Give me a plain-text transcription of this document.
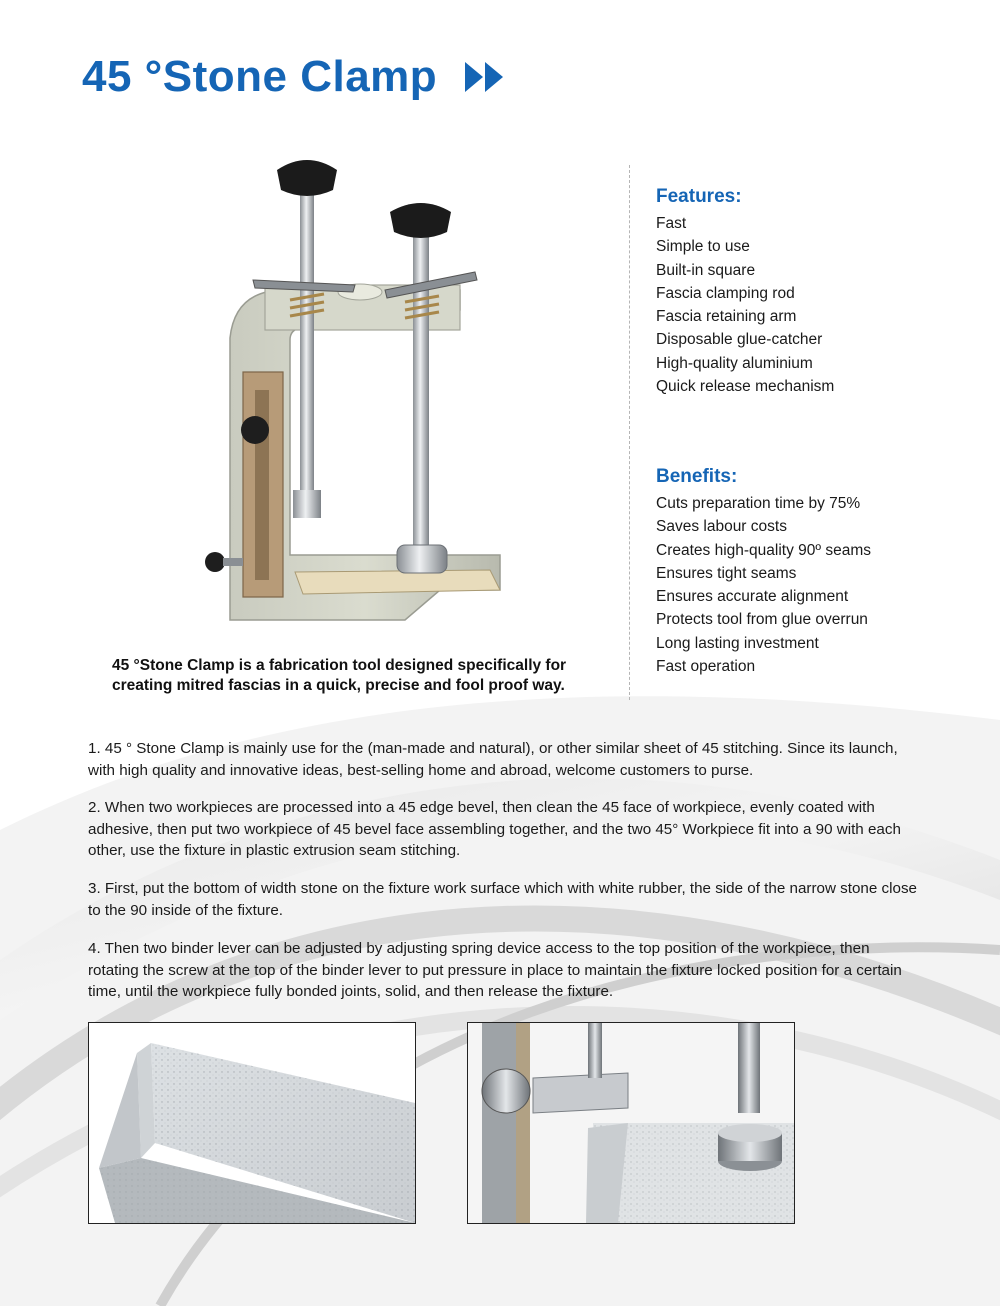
45 °Stone Clamp
45 °Stone Clamp is a fabrication tool designed specifically for
creating mitred fascias in a quick, precise and fool proof way.
Features:
Fast
Simple to use
Built-in square
Fascia clamping rod
Fascia retaining arm
Disposable glue-catcher
High-quality aluminium
Quick release mechanism
Benefits:
Cuts preparation time by 75%
Saves labour costs
Creates high-quality 90º seams
Ensures tight seams
Ensures accurate alignment
Protects tool from glue overrun
Long lasting investment
Fast operation

1. 45 ° Stone Clamp is mainly use for the (man-made and natural), or other similar sheet of 45 stitching. Since its launch, with high quality and innovative ideas, best-selling home and abroad, welcome customers to purse.

2. When two workpieces are processed into a 45 edge bevel, then clean the 45 face of workpiece, evenly coated with adhesive, then put two workpiece of 45 bevel face assembling together, and the two 45° Workpiece fit into a 90 with each other, use the fixture in plastic extrusion seam stitching.

3. First, put the bottom of width stone on the fixture work surface which with white rubber, the side of the narrow stone close to the 90 inside of the fixture.

4. Then two binder lever can be adjusted by adjusting spring device access to the top position of the workpiece, then rotating the screw at the top of the binder lever to put pressure in place to maintain the fixture locked position for a certain time, until the workpiece fully bonded joints, solid, and then release the fixture.
